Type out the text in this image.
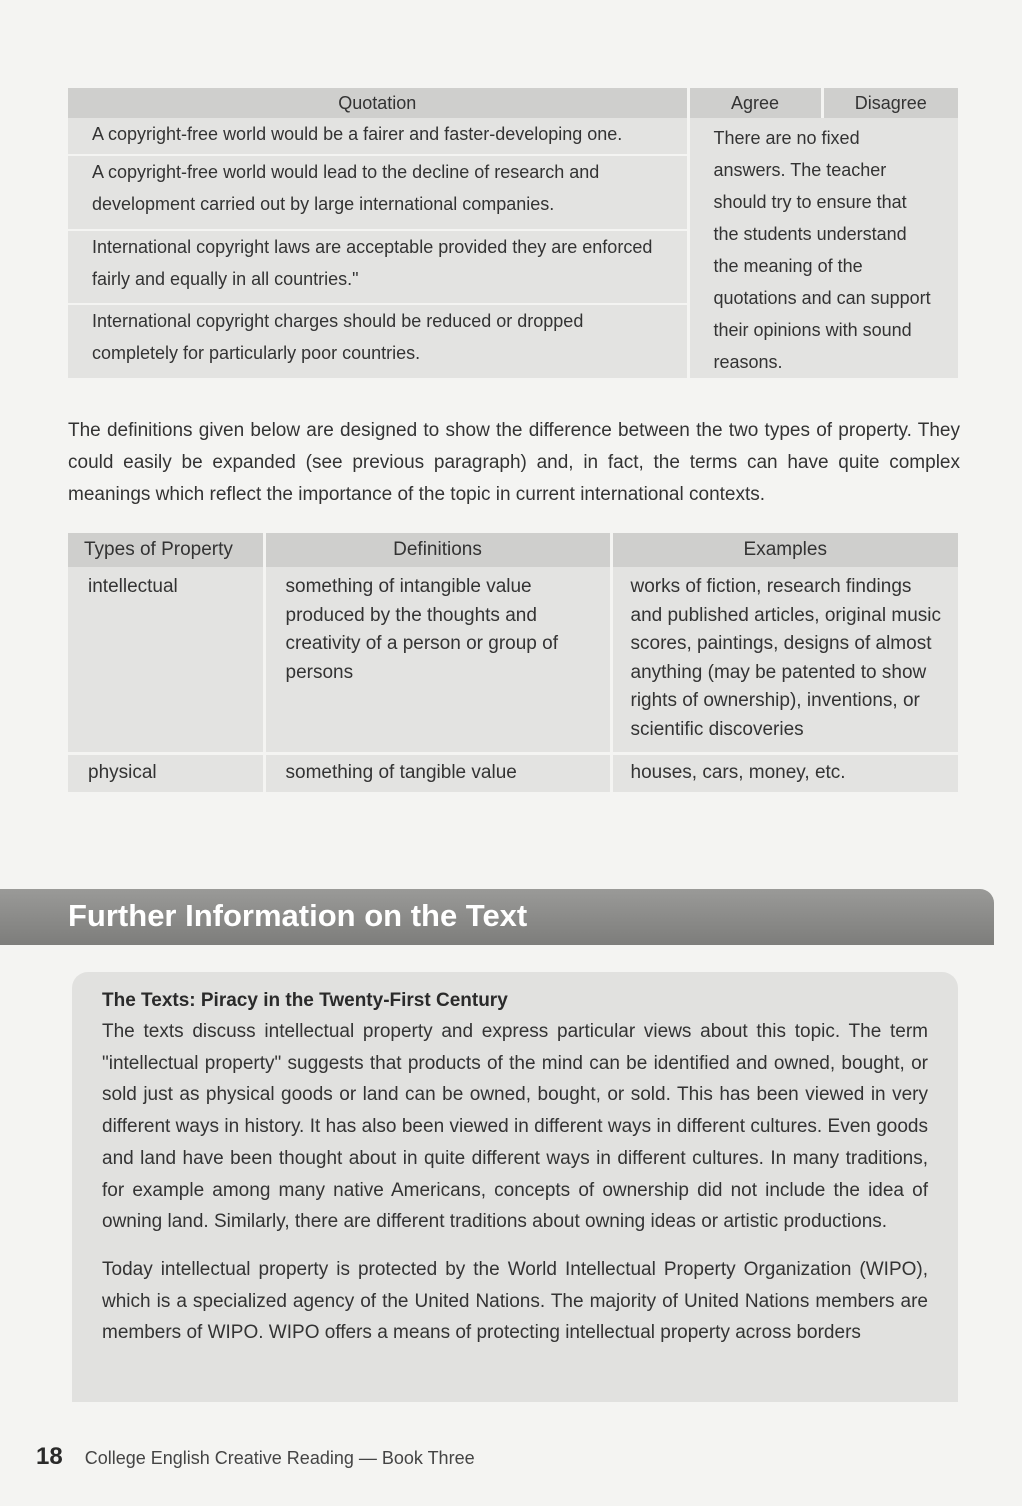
Quotation	Agree	Disagree
A copyright-free world would be a fairer and faster-developing one.	There are no fixed answers. The teacher should try to ensure that the students understand the meaning of the quotations and can support their opinions with sound reasons.	
A copyright-free world would lead to the decline of research and development carried out by large international companies.		
International copyright laws are acceptable provided they are enforced fairly and equally in all countries."		
International copyright charges should be reduced or dropped completely for particularly poor countries.		

The definitions given below are designed to show the difference between the two types of property. They could easily be expanded (see previous paragraph) and, in fact, the terms can have quite complex meanings which reflect the importance of the topic in current international contexts.

Types of Property	Definitions	Examples
intellectual	something of intangible value produced by the thoughts and creativity of a person or group of persons	works of fiction, research findings and published articles, original music scores, paintings, designs of almost anything (may be patented to show rights of ownership), inventions, or scientific discoveries
physical	something of tangible value	houses, cars, money, etc.
Further Information on the Text
The Texts: Piracy in the Twenty-First Century

The texts discuss intellectual property and express particular views about this topic. The term "intellectual property" suggests that products of the mind can be identified and owned, bought, or sold just as physical goods or land can be owned, bought, or sold. This has been viewed in very different ways in history. It has also been viewed in different ways in different cultures. Even goods and land have been thought about in quite different ways in different cultures. In many traditions, for example among many native Americans, concepts of ownership did not include the idea of owning land. Similarly, there are different traditions about owning ideas or artistic productions.

Today intellectual property is protected by the World Intellectual Property Organization (WIPO), which is a specialized agency of the United Nations. The majority of United Nations members are members of WIPO. WIPO offers a means of protecting intellectual property across borders

18 College English Creative Reading — Book Three
